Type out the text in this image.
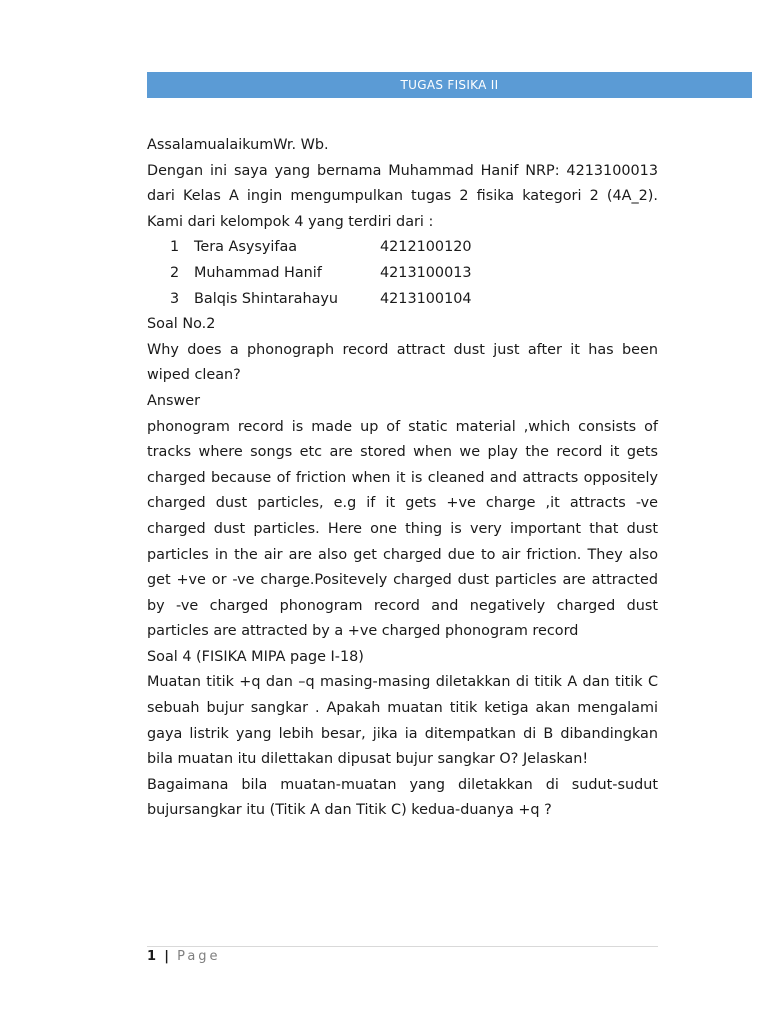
TUGAS FISIKA II

AssalamualaikumWr. Wb.

Dengan ini saya yang bernama Muhammad Hanif NRP: 4213100013 dari Kelas A ingin mengumpulkan tugas 2 fisika kategori 2 (4A_2). Kami dari kelompok 4 yang terdiri dari :

1	Tera Asysyifaa	4212100120
2	Muhammad Hanif	4213100013
3	Balqis Shintarahayu	4213100104

Soal No.2

Why does a phonograph record attract dust just after it has been wiped clean?

Answer

phonogram record is made up of static material ,which consists of tracks where songs etc are stored when we play the record it gets charged because of friction when it is cleaned and attracts oppositely charged dust particles, e.g if it gets +ve charge ,it attracts -ve charged dust particles. Here one thing is very important that dust particles in the air are also get charged due to air friction. They also get +ve or -ve charge.Positevely charged dust particles are attracted by -ve charged phonogram record and negatively charged dust particles are attracted by a +ve charged phonogram record

Soal 4 (FISIKA MIPA page I-18)

Muatan titik +q dan –q masing-masing diletakkan di titik A dan titik C sebuah bujur sangkar . Apakah muatan titik ketiga akan mengalami gaya listrik yang lebih besar, jika ia ditempatkan di B dibandingkan bila muatan itu dilettakan dipusat bujur sangkar O? Jelaskan!

Bagaimana bila muatan-muatan yang diletakkan di sudut-sudut bujursangkar itu (Titik A dan Titik C) kedua-duanya +q ?

1 | Page
